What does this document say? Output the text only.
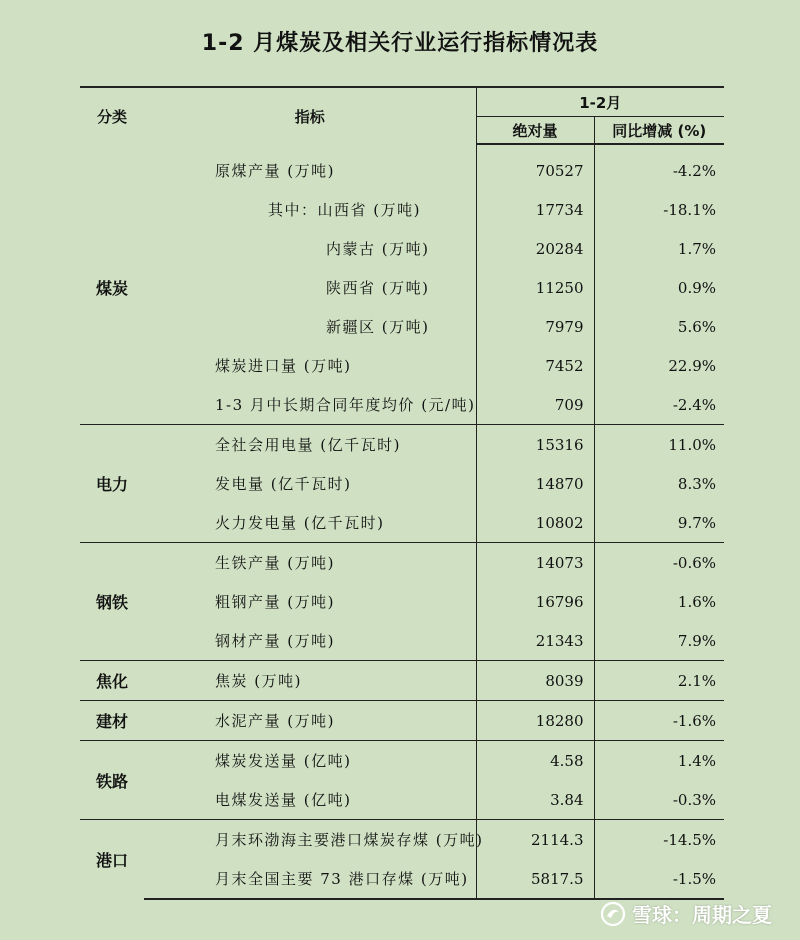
1-2 月煤炭及相关行业运行指标情况表
分类	指标	1-2月	
		绝对量	同比增减 (%)
煤炭	原煤产量 (万吨)	70527	-4.2%
	其中：山西省 (万吨)	17734	-18.1%
	内蒙古 (万吨)	20284	1.7%
	陕西省 (万吨)	11250	0.9%
	新疆区 (万吨)	7979	5.6%
	煤炭进口量 (万吨)	7452	22.9%
	1-3 月中长期合同年度均价 (元/吨)	709	-2.4%
电力	全社会用电量 (亿千瓦时)	15316	11.0%
	发电量 (亿千瓦时)	14870	8.3%
	火力发电量 (亿千瓦时)	10802	9.7%
钢铁	生铁产量 (万吨)	14073	-0.6%
	粗钢产量 (万吨)	16796	1.6%
	钢材产量 (万吨)	21343	7.9%
焦化	焦炭 (万吨)	8039	2.1%
建材	水泥产量 (万吨)	18280	-1.6%
铁路	煤炭发送量 (亿吨)	4.58	1.4%
	电煤发送量 (亿吨)	3.84	-0.3%
港口	月末环渤海主要港口煤炭存煤 (万吨)	2114.3	-14.5%
	月末全国主要 73 港口存煤 (万吨)	5817.5	-1.5%
雪球：周期之夏
